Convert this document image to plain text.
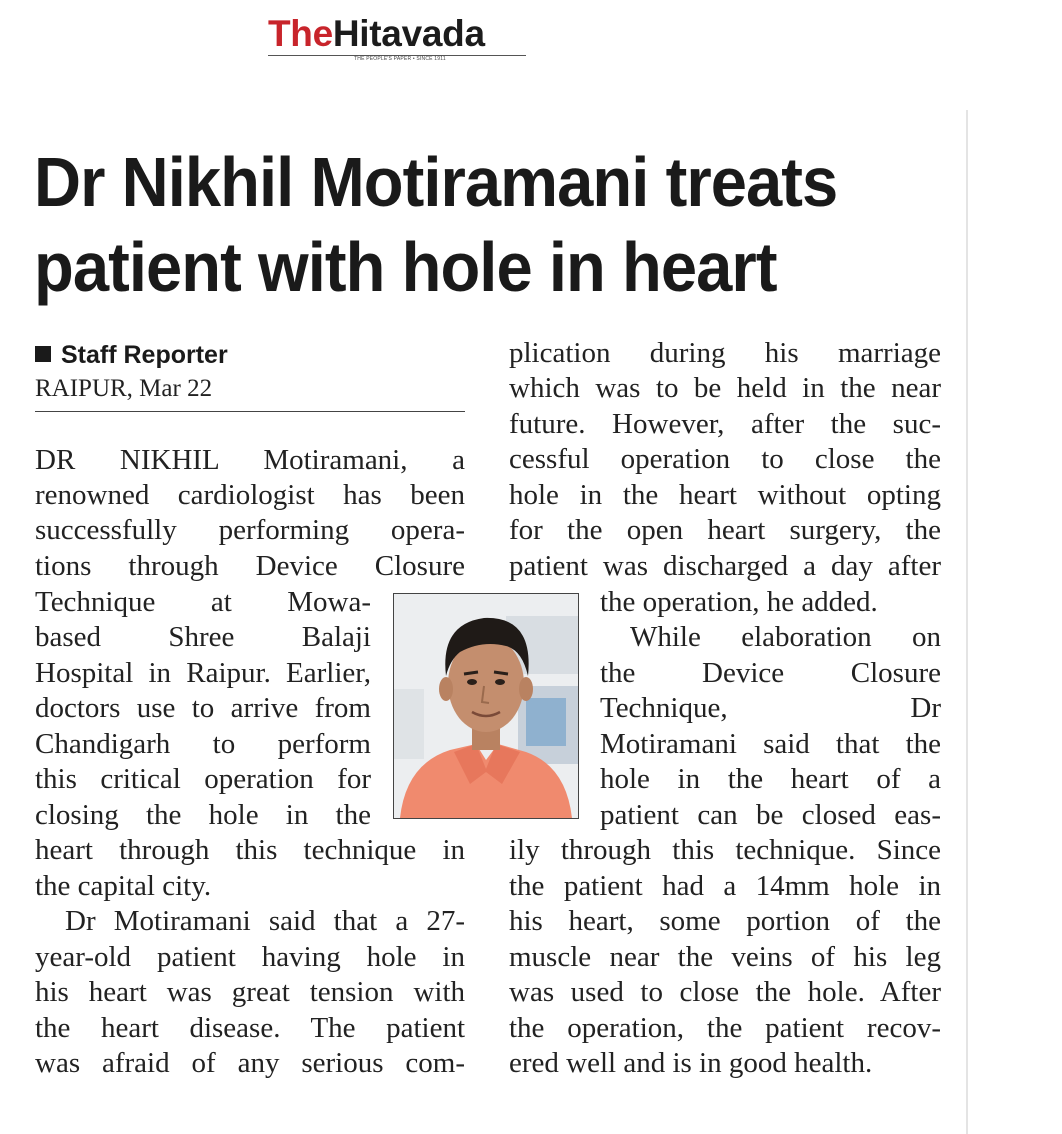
TheHitavada
THE PEOPLE'S PAPER • SINCE 1911
Dr Nikhil Motiramani treats
patient with hole in heart
Staff Reporter
RAIPUR, Mar 22
DR NIKHIL Motiramani, a
renowned cardiologist has been
successfully performing opera-
tions through Device Closure
Technique at Mowa-
based Shree Balaji
Hospital in Raipur. Earlier,
doctors use to arrive from
Chandigarh to perform
this critical operation for
closing the hole in the
heart through this technique in
the capital city.
Dr Motiramani said that a 27-
year-old patient having hole in
his heart was great tension with
the heart disease. The patient
was afraid of any serious com-
plication during his marriage
which was to be held in the near
future. However, after the suc-
cessful operation to close the
hole in the heart without opting
for the open heart surgery, the
patient was discharged a day after
the operation, he added.
While elaboration on
the Device Closure
Technique, Dr
Motiramani said that the
hole in the heart of a
patient can be closed eas-
ily through this technique. Since
the patient had a 14mm hole in
his heart, some portion of the
muscle near the veins of his leg
was used to close the hole. After
the operation, the patient recov-
ered well and is in good health.
